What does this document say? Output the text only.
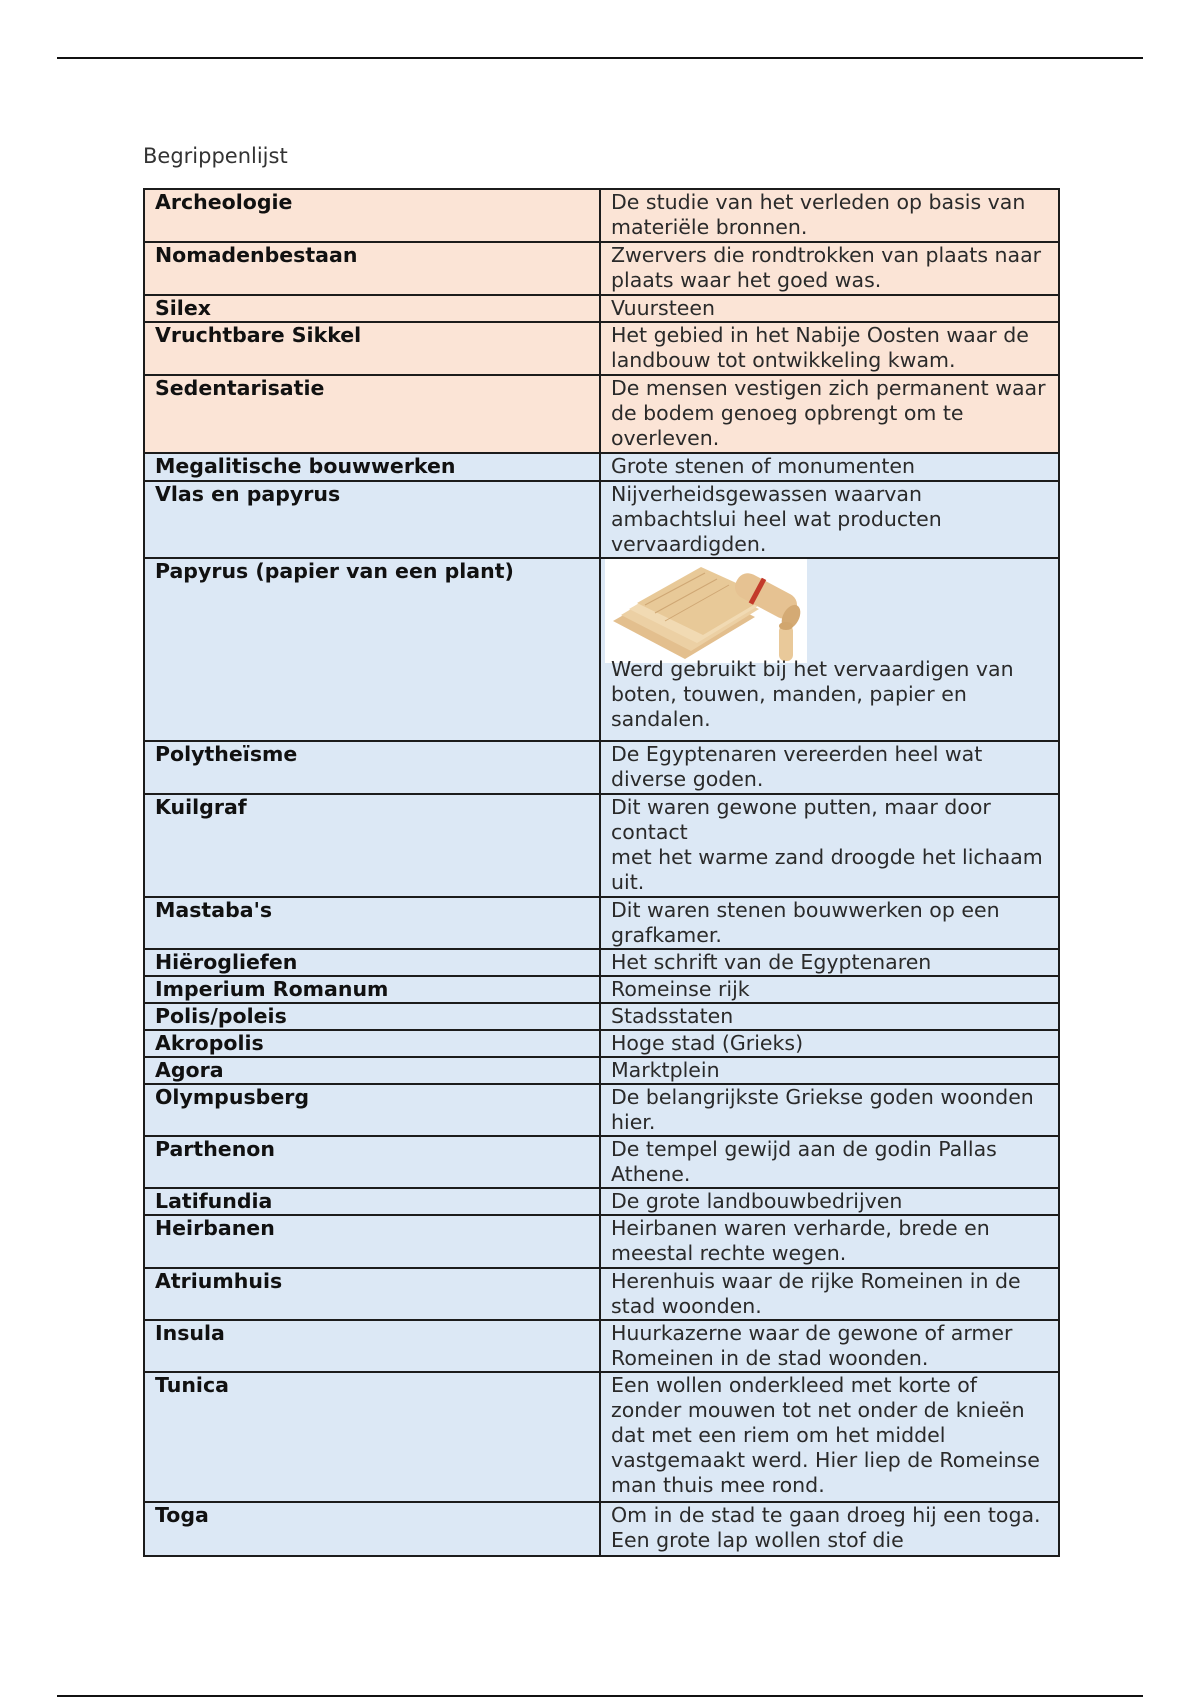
Begrippenlijst
Archeologie	De studie van het verleden op basis van materiële bronnen.
Nomadenbestaan	Zwervers die rondtrokken van plaats naar plaats waar het goed was.
Silex	Vuursteen
Vruchtbare Sikkel	Het gebied in het Nabije Oosten waar de landbouw tot ontwikkeling kwam.
Sedentarisatie	De mensen vestigen zich permanent waar de bodem genoeg opbrengt om te overleven.
Megalitische bouwwerken	Grote stenen of monumenten
Vlas en papyrus	Nijverheidsgewassen waarvan ambachtslui heel wat producten vervaardigden.
Papyrus (papier van een plant)	Werd gebruikt bij het vervaardigen van boten, touwen, manden, papier en sandalen.

Polytheïsme	De Egyptenaren vereerden heel wat diverse goden.
Kuilgraf	Dit waren gewone putten, maar door contact
met het warme zand droogde het lichaam uit.
Mastaba's	Dit waren stenen bouwwerken op een grafkamer.
Hiërogliefen	Het schrift van de Egyptenaren
Imperium Romanum	Romeinse rijk
Polis/poleis	Stadsstaten
Akropolis	Hoge stad (Grieks)
Agora	Marktplein
Olympusberg	De belangrijkste Griekse goden woonden hier.
Parthenon	De tempel gewijd aan de godin Pallas Athene.
Latifundia	De grote landbouwbedrijven
Heirbanen	Heirbanen waren verharde, brede en meestal rechte wegen.
Atriumhuis	Herenhuis waar de rijke Romeinen in de stad woonden.
Insula	Huurkazerne waar de gewone of armer Romeinen in de stad woonden.
Tunica	Een wollen onderkleed met korte of zonder mouwen tot net onder de knieën dat met een riem om het middel vastgemaakt werd. Hier liep de Romeinse man thuis mee rond.
Toga	Om in de stad te gaan droeg hij een toga. Een grote lap wollen stof die
